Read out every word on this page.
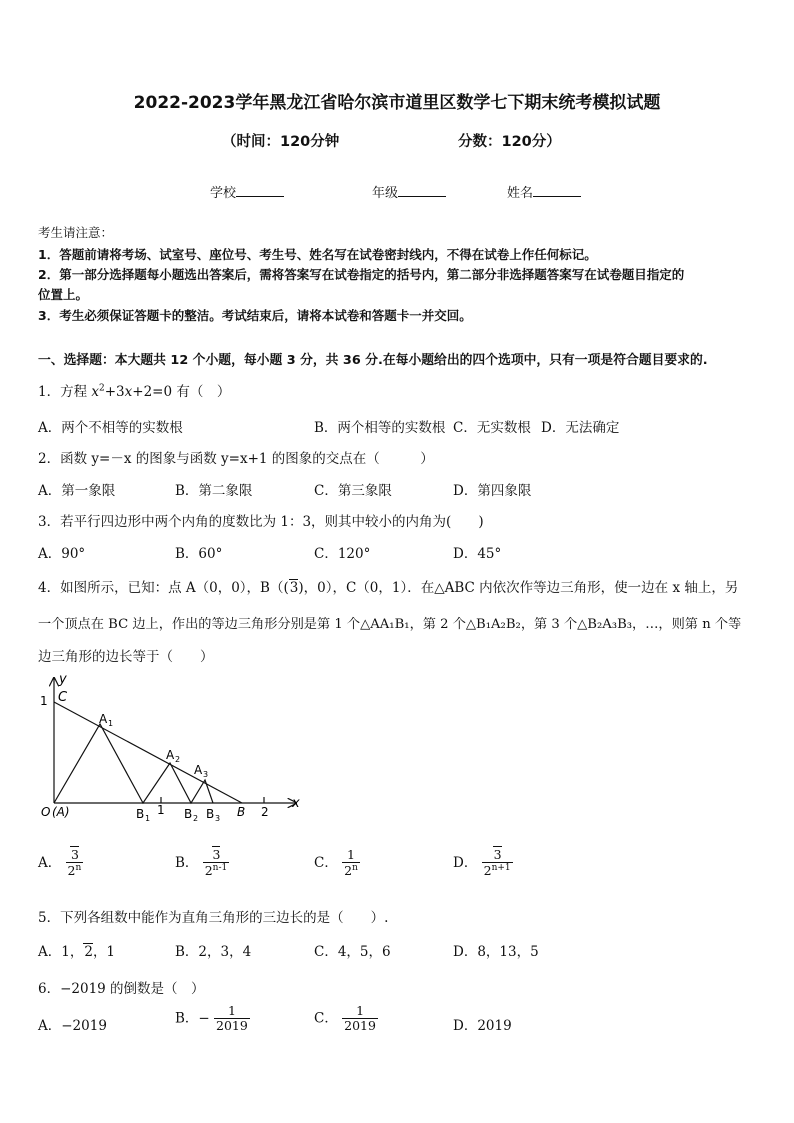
2022-2023学年黑龙江省哈尔滨市道里区数学七下期末统考模拟试题
（时间：120分钟	分数：120分）
学校	年级	姓名
考生请注意：
1．答题前请将考场、试室号、座位号、考生号、姓名写在试卷密封线内，不得在试卷上作任何标记。
2．第一部分选择题每小题选出答案后，需将答案写在试卷指定的括号内，第二部分非选择题答案写在试卷题目指定的
位置上。
3．考生必须保证答题卡的整洁。考试结束后，请将本试卷和答题卡一并交回。
一、选择题：本大题共 12 个小题，每小题 3 分，共 36 分.在每小题给出的四个选项中，只有一项是符合题目要求的.
1．方程 $x^2+3x+2=0$ 有（　）
A．两个不相等的实数根	B．两个相等的实数根 C．无实数根 D．无法确定
2．函数 y=－x 的图象与函数 y=x+1 的图象的交点在（　　　）
A．第一象限	B．第二象限	C．第三象限	D．第四象限
3．若平行四边形中两个内角的度数比为 1：3，则其中较小的内角为(　　)
A．90°	B．60°	C．120°	D．45°
4．如图所示，已知：点 A（0，0），B（(3)，0），C（0，1）．在△ABC 内依次作等边三角形，使一边在 x 轴上，另
一个顶点在 BC 边上，作出的等边三角形分别是第 1 个△AA₁B₁，第 2 个△B₁A₂B₂，第 3 个△B₂A₃B₃，…，则第 n 个等
边三角形的边长等于（　　）
y
x
C
1
O (A)
A 1
A 2
A 3
B 1
1 B 2 B 3 B 2
A． $\frac{3}{2^n}$	B． $\frac{3}{2^{n-1}}$	C． $\frac{1}{2^n}$	D． $\frac{3}{2^{n+1}}$
5．下列各组数中能作为直角三角形的三边长的是（　　）.
A．1，2，1	B．2，3，4	C．4，5，6	D．8，13，5
6．−2019 的倒数是（　）
A．−2019	B．− $\frac{1}{2019}$	C． $\frac{1}{2019}$	D．2019
